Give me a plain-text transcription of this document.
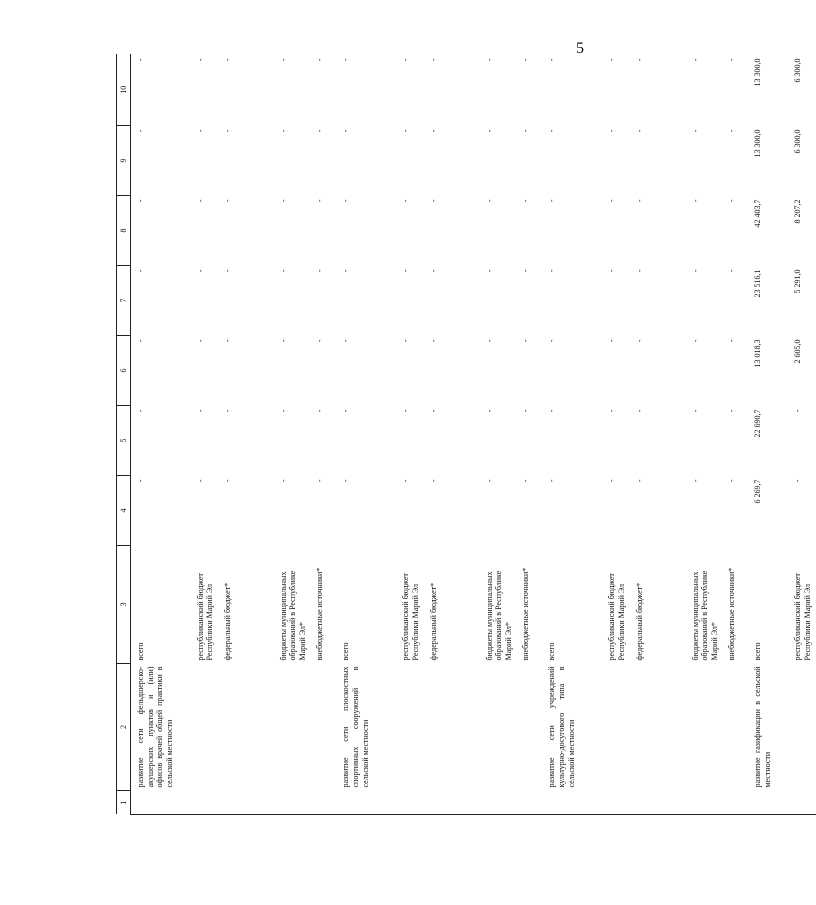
5
1	2	3	4	5	6	7	8	9	10
	развитие сети фельдшерско-акушерских пунктов и (или) офисов врачей общей практики в сельской местности	всего	-	-	-	-	-	-	-
		республиканский бюджет Республики Марий Эл	-	-	-	-	-	-	-
		федеральный бюджет*	-	-	-	-	-	-	-
		бюджеты муниципальных образований в Республике Марий Эл*	-	-	-	-	-	-	-
		внебюджетные источники*	-	-	-	-	-	-	-
	развитие сети плоскостных спортивных сооружений в сельской местности	всего	-	-	-	-	-	-	-
		республиканский бюджет Республики Марий Эл	-	-	-	-	-	-	-
		федеральный бюджет*	-	-	-	-	-	-	-
		бюджеты муниципальных образований в Республике Марий Эл*	-	-	-	-	-	-	-
		внебюджетные источники*	-	-	-	-	-	-	-
	развитие сети учреждений культурно-досугового типа в сельской местности	всего	-	-	-	-	-	-	-
		республиканский бюджет Республики Марий Эл	-	-	-	-	-	-	-
		федеральный бюджет*	-	-	-	-	-	-	-
		бюджеты муниципальных образований в Республике Марий Эл*	-	-	-	-	-	-	-
		внебюджетные источники*	-	-	-	-	-	-	-
	развитие газификации в сельской местности	всего	6 269,7	22 690,7	13 018,3	23 516,1	42 403,7	13 300,0	13 300,0
		республиканский бюджет Республики Марий Эл	-	-	2 605,0	5 291,0	8 207,2	6 300,0	6 300,0
